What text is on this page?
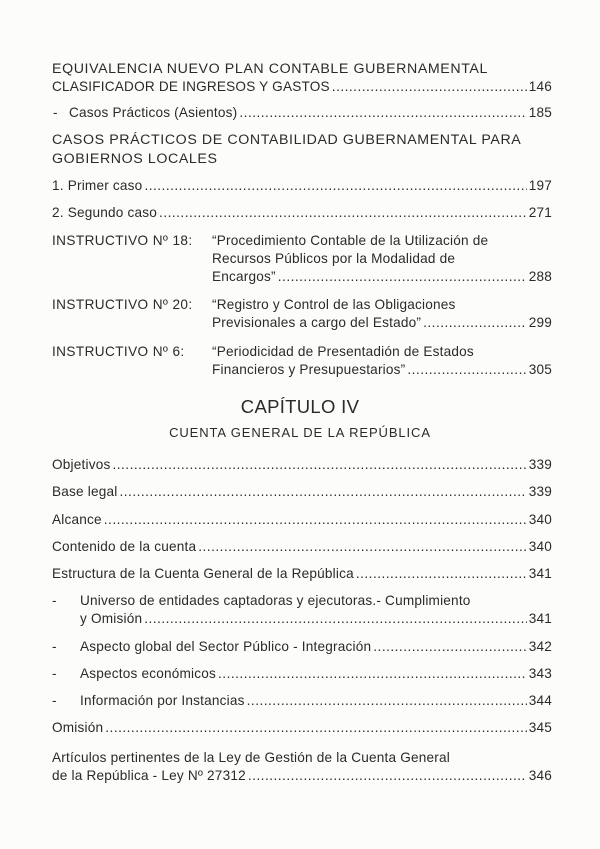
EQUIVALENCIA NUEVO PLAN CONTABLE GUBERNAMENTAL
CLASIFICADOR DE INGRESOS Y GASTOS .....	146
- Casos Prácticos (Asientos) .....	185
CASOS PRÁCTICOS DE CONTABILIDAD GUBERNAMENTAL PARA
GOBIERNOS LOCALES
1. Primer caso .....	197
2. Segundo caso .....	271
INSTRUCTIVO Nº 18: “Procedimiento Contable de la Utilización de
Recursos Públicos por la Modalidad de
Encargos” .....	288
INSTRUCTIVO Nº 20: “Registro y Control de las Obligaciones
Previsionales a cargo del Estado” .....	299
INSTRUCTIVO Nº 6: “Periodicidad de Presentadión de Estados
Financieros y Presupuestarios” .....	305
CAPÍTULO IV
CUENTA GENERAL DE LA REPÚBLICA
Objetivos .....	339
Base legal .....	339
Alcance .....	340
Contenido de la cuenta .....	340
Estructura de la Cuenta General de la República .....	341
- Universo de entidades captadoras y ejecutoras.- Cumplimiento
y Omisión .....	341
- Aspecto global del Sector Público - Integración .....	342
- Aspectos económicos .....	343
- Información por Instancias .....	344
Omisión .....	345
Artículos pertinentes de la Ley de Gestión de la Cuenta General
de la República - Ley Nº 27312 .....	346
